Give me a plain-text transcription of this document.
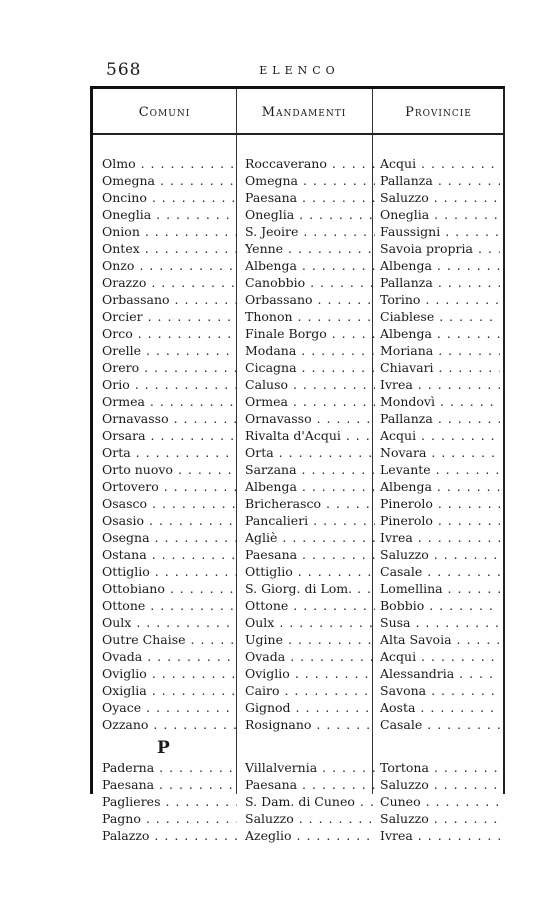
568	ELENCO
Comuni	Mandamenti	Provincie
Olmo . .	Roccaverano . .	Acqui . .
Omegna . .	Omegna . .	Pallanza . .
Oncino . .	Paesana . .	Saluzzo . .
Oneglia . .	Oneglia . .	Oneglia . .
Onion . .	S. Jeoire . .	Faussigni . .
Ontex . .	Yenne . .	Savoia propria . .
Onzo . .	Albenga . .	Albenga . .
Orazzo . .	Canobbio . .	Pallanza . .
Orbassano . .	Orbassano . .	Torino . .
Orcier . .	Thonon . .	Ciablese . .
Orco . .	Finale Borgo . .	Albenga . .
Orelle . .	Modana . .	Moriana . .
Orero . .	Cicagna . .	Chiavari . .
Orio . .	Caluso . .	Ivrea . .
Ormea . .	Ormea . .	Mondovì . .
Ornavasso . .	Ornavasso . .	Pallanza . .
Orsara . .	Rivalta d'Acqui . .	Acqui . .
Orta . .	Orta . .	Novara . .
Orto nuovo . .	Sarzana . .	Levante . .
Ortovero . .	Albenga . .	Albenga . .
Osasco . .	Bricherasco . .	Pinerolo . .
Osasio . .	Pancalieri . .	Pinerolo . .
Osegna . .	Agliè . .	Ivrea . .
Ostana . .	Paesana . .	Saluzzo . .
Ottiglio . .	Ottiglio . .	Casale . .
Ottobiano . .	S. Giorg. di Lom. . .	Lomellina . .
Ottone . .	Ottone . .	Bobbio . .
Oulx . .	Oulx . .	Susa . .
Outre Chaise . .	Ugine . .	Alta Savoia . .
Ovada . .	Ovada . .	Acqui . .
Oviglio . .	Oviglio . .	Alessandria . .
Oxiglia . .	Cairo . .	Savona . .
Oyace . .	Gignod . .	Aosta . .
Ozzano . .	Rosignano . .	Casale . .
P
Paderna . .	Villalvernia . .	Tortona . .
Paesana . .	Paesana . .	Saluzzo . .
Paglieres . .	S. Dam. di Cuneo . .	Cuneo . .
Pagno . .	Saluzzo . .	Saluzzo . .
Palazzo . .	Azeglio . .	Ivrea . .
